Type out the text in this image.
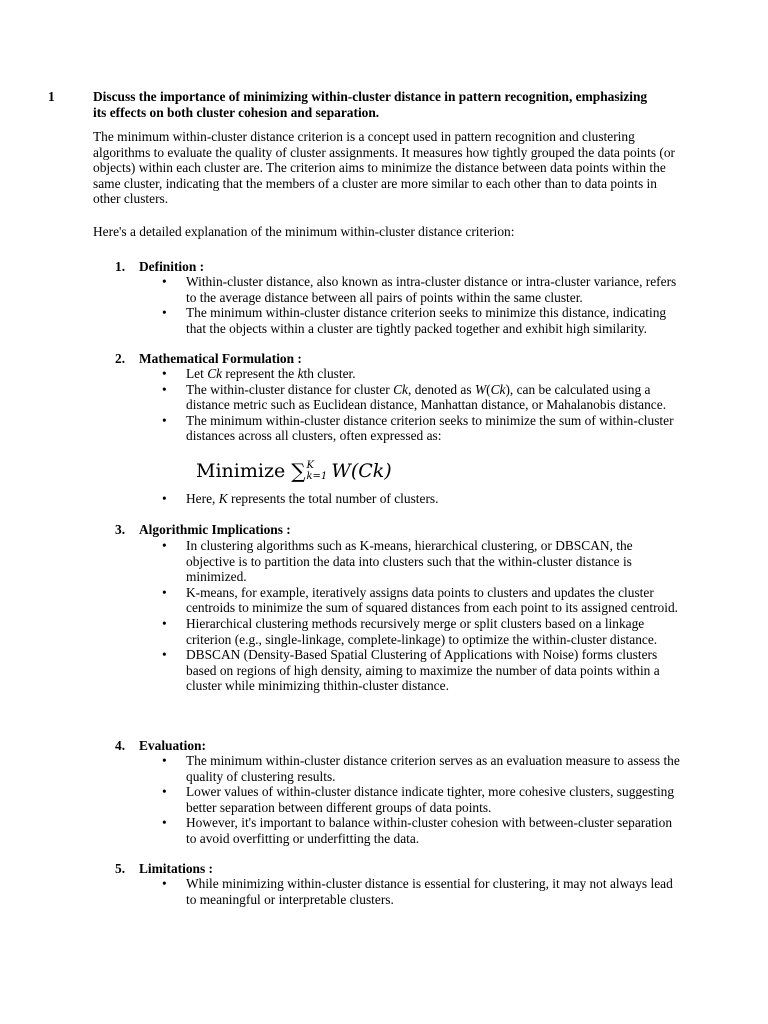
1	Discuss the importance of minimizing within-cluster distance in pattern recognition, emphasizing its effects on both cluster cohesion and separation.

The minimum within-cluster distance criterion is a concept used in pattern recognition and clustering algorithms to evaluate the quality of cluster assignments. It measures how tightly grouped the data points (or objects) within each cluster are. The criterion aims to minimize the distance between data points within the same cluster, indicating that the members of a cluster are more similar to each other than to data points in other clusters.

Here's a detailed explanation of the minimum within-cluster distance criterion:

1. Definition :
• Within-cluster distance, also known as intra-cluster distance or intra-cluster variance, refers to the average distance between all pairs of points within the same cluster.
• The minimum within-cluster distance criterion seeks to minimize this distance, indicating that the objects within a cluster are tightly packed together and exhibit high similarity.
2. Mathematical Formulation :
• Let Ck represent the kth cluster.
• The within-cluster distance for cluster Ck, denoted as W(Ck), can be calculated using a distance metric such as Euclidean distance, Manhattan distance, or Mahalanobis distance.
• The minimum within-cluster distance criterion seeks to minimize the sum of within-cluster distances across all clusters, often expressed as:
Minimize ∑ K
k=1 W(Ck)
• Here, K represents the total number of clusters.
3. Algorithmic Implications :
• In clustering algorithms such as K-means, hierarchical clustering, or DBSCAN, the objective is to partition the data into clusters such that the within-cluster distance is minimized.
• K-means, for example, iteratively assigns data points to clusters and updates the cluster centroids to minimize the sum of squared distances from each point to its assigned centroid.
• Hierarchical clustering methods recursively merge or split clusters based on a linkage criterion (e.g., single-linkage, complete-linkage) to optimize the within-cluster distance.
• DBSCAN (Density-Based Spatial Clustering of Applications with Noise) forms clusters based on regions of high density, aiming to maximize the number of data points within a cluster while minimizing thithin-cluster distance.
4. Evaluation:
• The minimum within-cluster distance criterion serves as an evaluation measure to assess the quality of clustering results.
• Lower values of within-cluster distance indicate tighter, more cohesive clusters, suggesting better separation between different groups of data points.
• However, it's important to balance within-cluster cohesion with between-cluster separation to avoid overfitting or underfitting the data.
5. Limitations :
• While minimizing within-cluster distance is essential for clustering, it may not always lead to meaningful or interpretable clusters.
